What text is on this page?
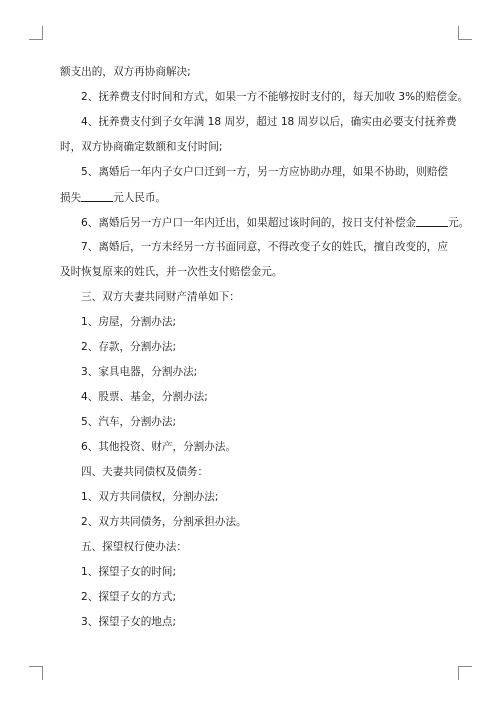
额支出的，双方再协商解决;
2、抚养费支付时间和方式，如果一方不能够按时支付的，每天加收 3%的赔偿金。
4、抚养费支付到子女年满 18 周岁，超过 18 周岁以后，确实由必要支付抚养费
时，双方协商确定数额和支付时间;
5、离婚后一年内子女户口迁到一方，另一方应协助办理，如果不协助，则赔偿
损失	元人民币。
6、离婚后另一方户口一年内迁出，如果超过该时间的，按日支付补偿金	元。
7、离婚后，一方未经另一方书面同意，不得改变子女的姓氏，擅自改变的，应
及时恢复原来的姓氏，并一次性支付赔偿金元。
三、双方夫妻共同财产清单如下：
1、房屋，分割办法;
2、存款，分割办法;
3、家具电器，分割办法;
4、股票、基金，分割办法;
5、汽车，分割办法;
6、其他投资、财产，分割办法。
四、夫妻共同债权及债务：
1、双方共同债权，分割办法;
2、双方共同债务，分割承担办法。
五、探望权行使办法：
1、探望子女的时间;
2、探望子女的方式;
3、探望子女的地点;
